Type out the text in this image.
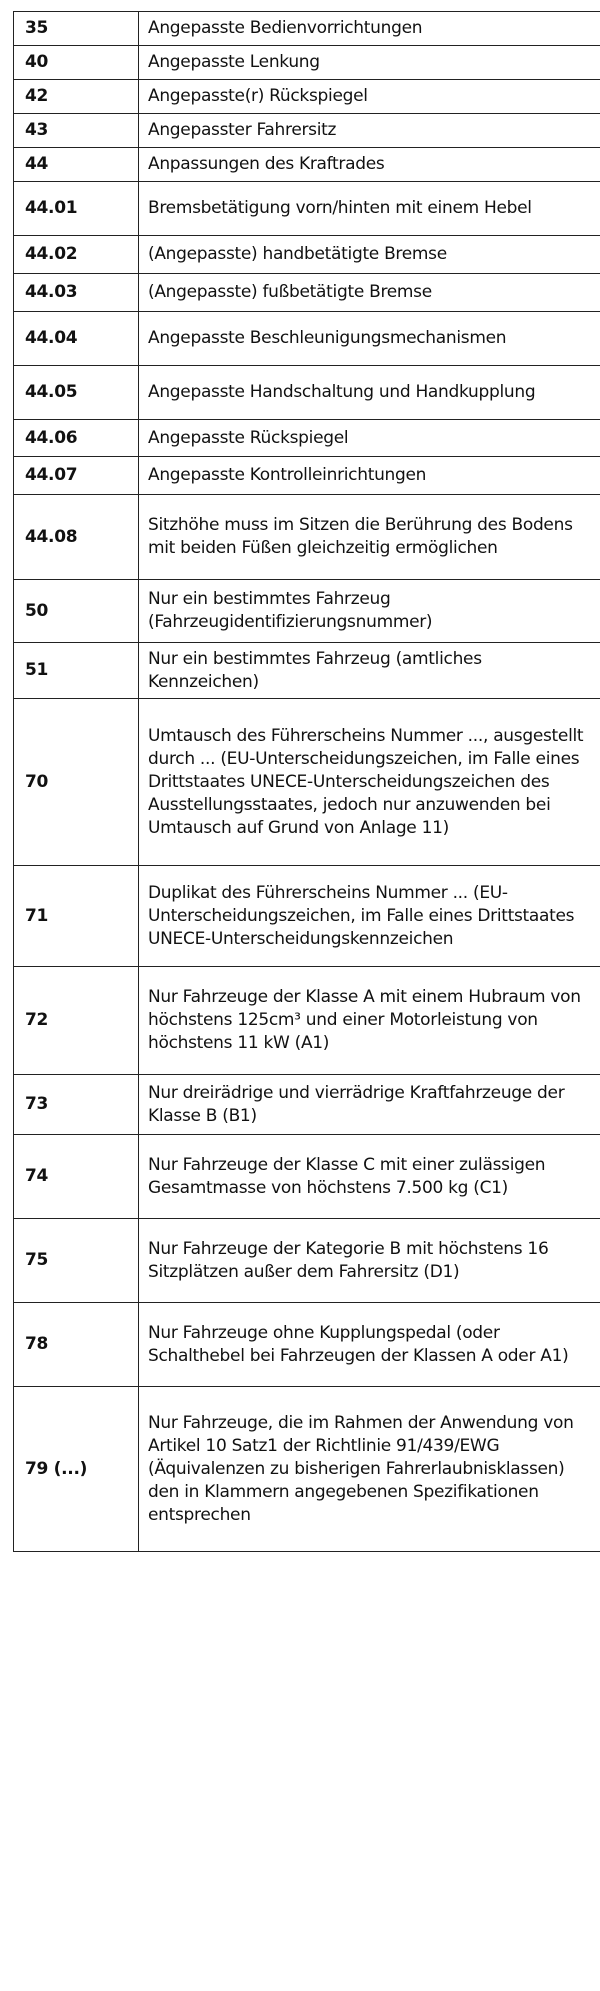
35	Angepasste Bedienvorrichtungen
40	Angepasste Lenkung
42	Angepasste(r) Rückspiegel
43	Angepasster Fahrersitz
44	Anpassungen des Kraftrades
44.01	Bremsbetätigung vorn/hinten mit einem Hebel
44.02	(Angepasste) handbetätigte Bremse
44.03	(Angepasste) fußbetätigte Bremse
44.04	Angepasste Beschleunigungsmechanismen
44.05	Angepasste Handschaltung und Handkupplung
44.06	Angepasste Rückspiegel
44.07	Angepasste Kontrolleinrichtungen
44.08	Sitzhöhe muss im Sitzen die Berührung des Bodens mit beiden Füßen gleichzeitig ermöglichen
50	Nur ein bestimmtes Fahrzeug (Fahrzeugidentifizierungsnummer)
51	Nur ein bestimmtes Fahrzeug (amtliches Kennzeichen)
70	Umtausch des Führerscheins Nummer ..., ausgestellt durch ... (EU-Unterscheidungszeichen, im Falle eines Drittstaates UNECE-Unterscheidungszeichen des Ausstellungsstaates, jedoch nur anzuwenden bei Umtausch auf Grund von Anlage 11)
71	Duplikat des Führerscheins Nummer ... (EU-Unterscheidungszeichen, im Falle eines Drittstaates UNECE-Unterscheidungskennzeichen
72	Nur Fahrzeuge der Klasse A mit einem Hubraum von höchstens 125cm³ und einer Motorleistung von höchstens 11 kW (A1)
73	Nur dreirädrige und vierrädrige Kraftfahrzeuge der Klasse B (B1)
74	Nur Fahrzeuge der Klasse C mit einer zulässigen Gesamtmasse von höchstens 7.500 kg (C1)
75	Nur Fahrzeuge der Kategorie B mit höchstens 16 Sitzplätzen außer dem Fahrersitz (D1)
78	Nur Fahrzeuge ohne Kupplungspedal (oder Schalthebel bei Fahrzeugen der Klassen A oder A1)
79 (...)	Nur Fahrzeuge, die im Rahmen der Anwendung von Artikel 10 Satz1 der Richtlinie 91/439/EWG (Äquivalenzen zu bisherigen Fahrerlaubnisklassen) den in Klammern angegebenen Spezifikationen entsprechen
